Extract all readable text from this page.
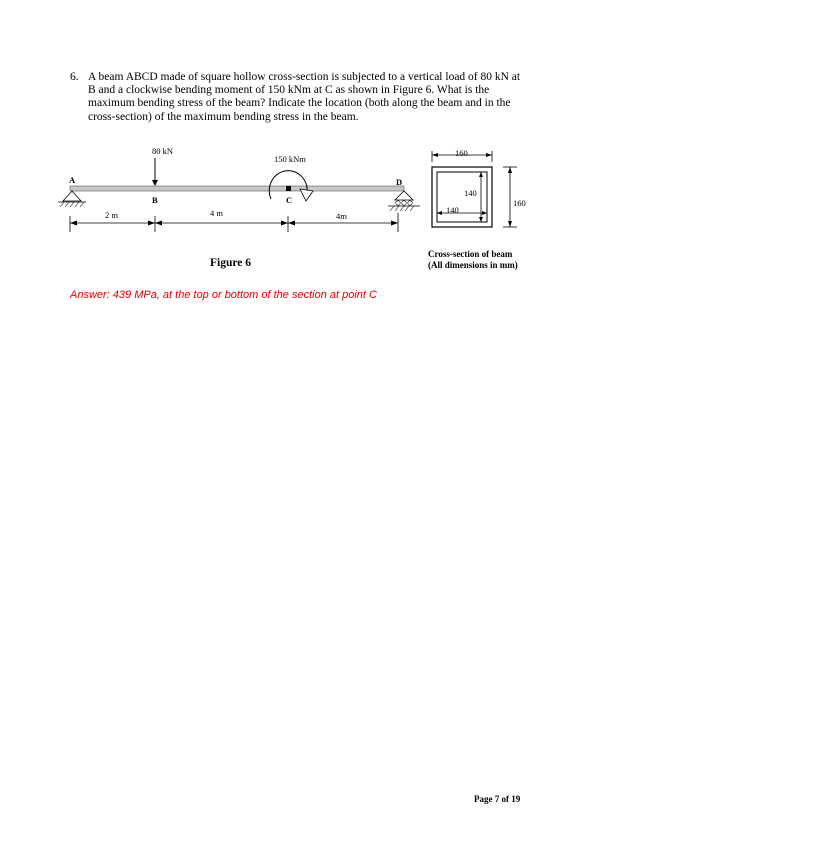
6. A beam ABCD made of square hollow cross-section is subjected to a vertical load of 80 kN at B and a clockwise bending moment of 150 kNm at C as shown in Figure 6. What is the maximum bending stress of the beam? Indicate the location (both along the beam and in the cross-section) of the maximum bending stress in the beam.
80 kN
150 kNm
A
B	C
D
2 m	4 m	4m
160
160
140
140
Figure 6
Cross-section of beam
(All dimensions in mm)
Answer: 439 MPa, at the top or bottom of the section at point C
Page 7 of 19
